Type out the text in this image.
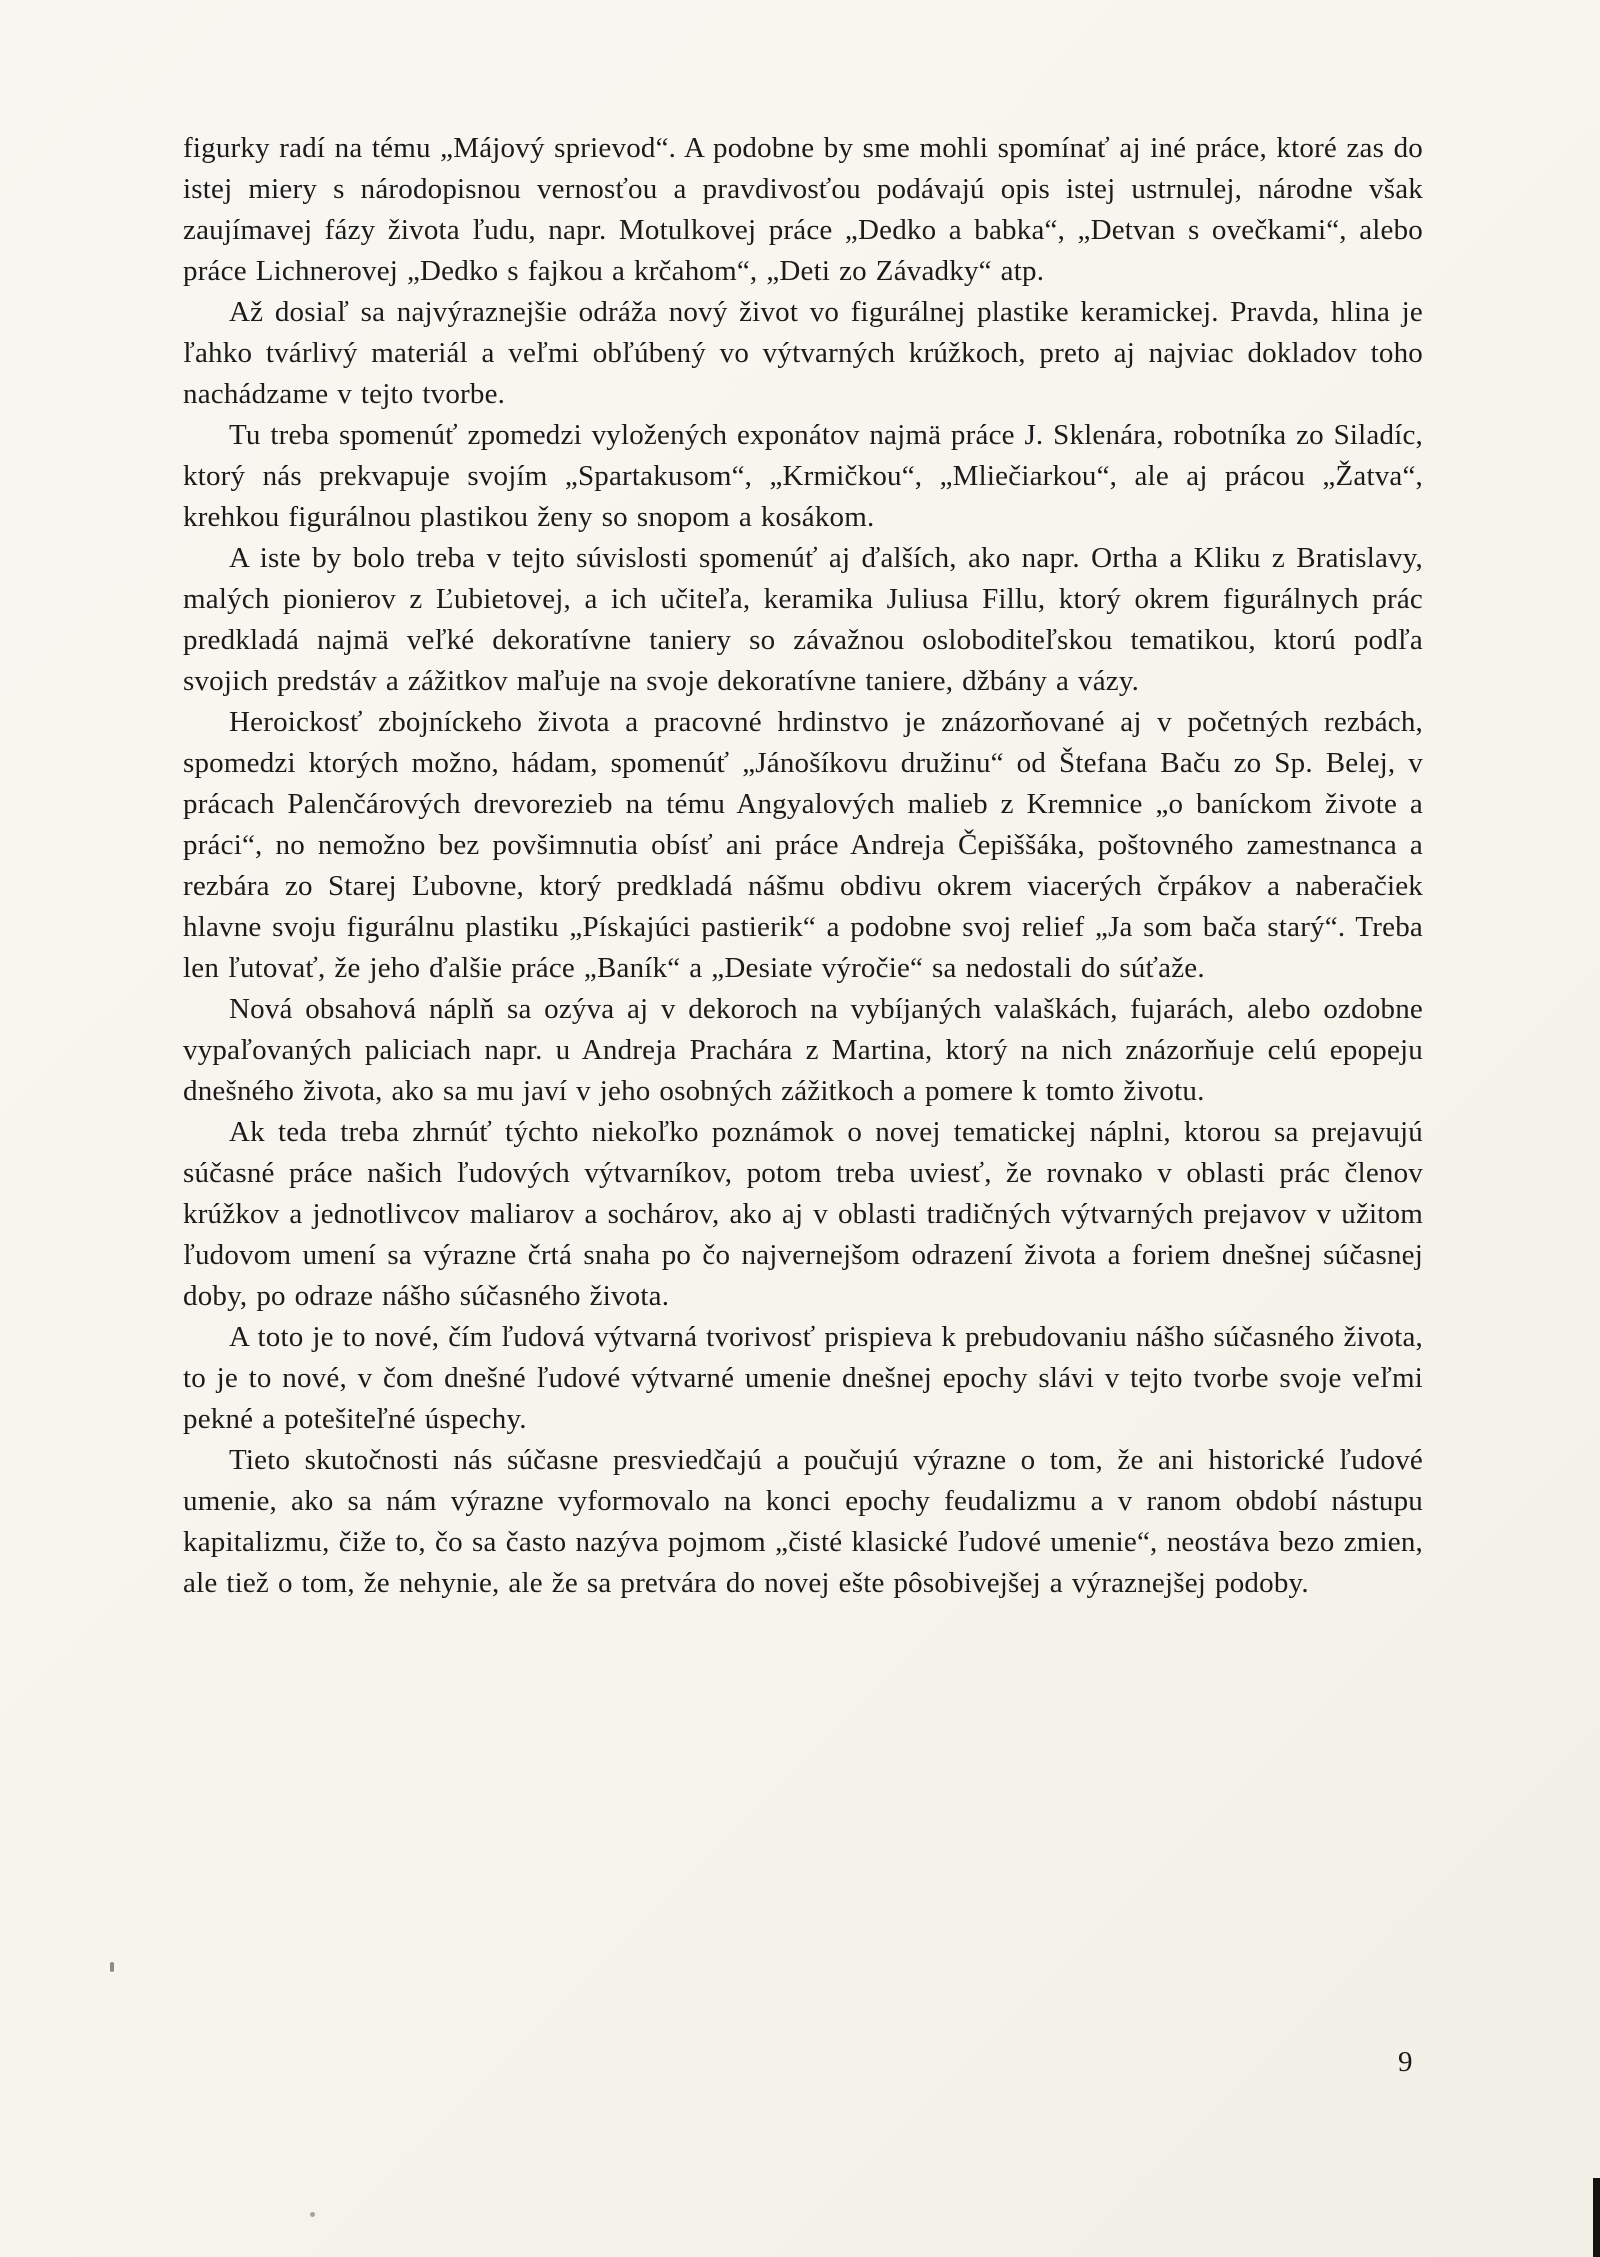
figurky radí na tému „Májový sprievod“. A podobne by sme mohli spomínať aj iné práce, ktoré zas do istej miery s národopisnou vernosťou a pravdivosťou podávajú opis istej ustrnulej, národne však zaujímavej fázy života ľudu, napr. Motulkovej práce „Dedko a babka“, „Detvan s ovečkami“, alebo práce Lichnerovej „Dedko s fajkou a krčahom“, „Deti zo Závadky“ atp.

Až dosiaľ sa najvýraznejšie odráža nový život vo figurálnej plastike keramickej. Pravda, hlina je ľahko tvárlivý materiál a veľmi obľúbený vo výtvarných krúžkoch, preto aj najviac dokladov toho nachádzame v tejto tvorbe.

Tu treba spomenúť zpomedzi vyložených exponátov najmä práce J. Sklenára, robotníka zo Siladíc, ktorý nás prekvapuje svojím „Spartakusom“, „Krmičkou“, „Mliečiarkou“, ale aj prácou „Žatva“, krehkou figurálnou plastikou ženy so snopom a kosákom.

A iste by bolo treba v tejto súvislosti spomenúť aj ďalších, ako napr. Ortha a Kliku z Bratislavy, malých pionierov z Ľubietovej, a ich učiteľa, keramika Juliusa Fillu, ktorý okrem figurálnych prác predkladá najmä veľké dekoratívne taniery so závažnou osloboditeľskou tematikou, ktorú podľa svojich predstáv a zážitkov maľuje na svoje dekoratívne taniere, džbány a vázy.

Heroickosť zbojníckeho života a pracovné hrdinstvo je znázorňované aj v početných rezbách, spomedzi ktorých možno, hádam, spomenúť „Jánošíkovu družinu“ od Štefana Baču zo Sp. Belej, v prácach Palenčárových drevorezieb na tému Angyalových malieb z Kremnice „o baníckom živote a práci“, no nemožno bez povšimnutia obísť ani práce Andreja Čepiššáka, poštovného zamestnanca a rezbára zo Starej Ľubovne, ktorý predkladá nášmu obdivu okrem viacerých črpákov a naberačiek hlavne svoju figurálnu plastiku „Pískajúci pastierik“ a podobne svoj relief „Ja som bača starý“. Treba len ľutovať, že jeho ďalšie práce „Baník“ a „Desiate výročie“ sa nedostali do súťaže.

Nová obsahová náplň sa ozýva aj v dekoroch na vybíjaných valaškách, fujarách, alebo ozdobne vypaľovaných paliciach napr. u Andreja Prachára z Martina, ktorý na nich znázorňuje celú epopeju dnešného života, ako sa mu javí v jeho osobných zážitkoch a pomere k tomto životu.

Ak teda treba zhrnúť týchto niekoľko poznámok o novej tematickej náplni, ktorou sa prejavujú súčasné práce našich ľudových výtvarníkov, potom treba uviesť, že rovnako v oblasti prác členov krúžkov a jednotlivcov maliarov a sochárov, ako aj v oblasti tradičných výtvarných prejavov v užitom ľudovom umení sa výrazne črtá snaha po čo najvernejšom odrazení života a foriem dnešnej súčasnej doby, po odraze nášho súčasného života.

A toto je to nové, čím ľudová výtvarná tvorivosť prispieva k prebudovaniu nášho súčasného života, to je to nové, v čom dnešné ľudové výtvarné umenie dnešnej epochy slávi v tejto tvorbe svoje veľmi pekné a potešiteľné úspechy.

Tieto skutočnosti nás súčasne presviedčajú a poučujú výrazne o tom, že ani historické ľudové umenie, ako sa nám výrazne vyformovalo na konci epochy feudalizmu a v ranom období nástupu kapitalizmu, čiže to, čo sa často nazýva pojmom „čisté klasické ľudové umenie“, neostáva bezo zmien, ale tiež o tom, že nehynie, ale že sa pretvára do novej ešte pôsobivejšej a výraznejšej podoby.

9
